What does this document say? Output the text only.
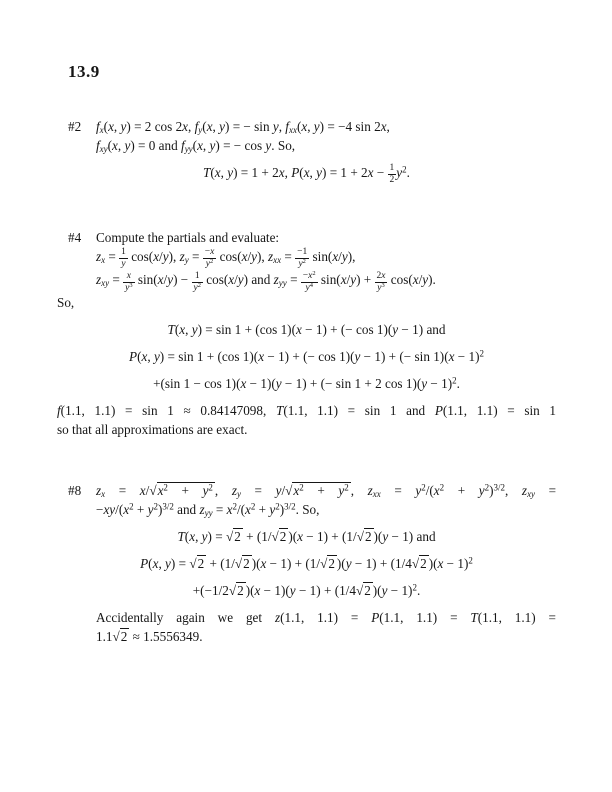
13.9
#2 $f_x(x$, y) = 2 cos 2x, $f_y(x$, y) = − sin y, $f_{xx}(x$, y) = −4 sin 2x,
$f_{xy}(x$, y) = 0 and $f_{yy}(x$, y) = − cos y. So,
T(x, y) = 1 + 2x, P(x, $y) = 1 + 2x - \frac{1}{2} y^2$.
#4 Compute the partials and evaluate:
$z_x = \frac{1}{y} \cos(x/y)$, $z_y = \frac{-x}{y^2} \cos(x/y)$, $z_{xx} = \frac{-1}{y^2} \sin(x/y)$,
$z_{xy} = \frac{x}{y^3} \sin(x/y) - \frac{1}{y^2} \cos(x/y)$ and $z_{yy} = \frac{-x^2}{y^4} \sin(x/y) + \frac{2x}{y^3} \cos(x/y)$.
So,
T(x, y) = sin 1 + (cos 1)(x − 1) + (− cos 1)(y − 1) and
P(x, y) = sin 1 + (cos 1)(x − 1) + (− cos 1)(y − 1) + (− $\sin 1)(x - 1)^2$
+(sin 1 − cos 1)(x − 1)(y − 1) + (− sin 1 + 2 $\cos 1)(y - 1)^2$.
f(1.1, 1.1) = sin 1 ≈ 0.84147098, T(1.1, 1.1) = sin 1 and P(1.1, 1.1) = sin 1
so that all approximations are exact.
#8 $z_x = x/√x^2 + y^2$ , $z_y = y/√x^2 + y^2$ , $z_{xx} = y^2/(x^2 + y^2)^{3/2}$, $z_{xy}$ =
$-xy/(x^2 + y^2)^{3/2}$ and $z_{yy} = x^2/(x^2 + y^2)^{3/2}$. So,
T(x, y) = √2 + (1/√2 )(x − 1) + (1/√2 )(y − 1) and
P(x, y) = √2 + (1/√2 )(x − 1) + (1/√2 )(y − 1) + (1/4√2 )$(x - 1)^2$
+(−1/2√2 )(x − 1)(y − 1) + (1/4√2 )$(y - 1)^2$.
Accidentally again we get z(1.1, 1.1) = P(1.1, 1.1) = T(1.1, 1.1) =
1.1√2 ≈ 1.5556349.
